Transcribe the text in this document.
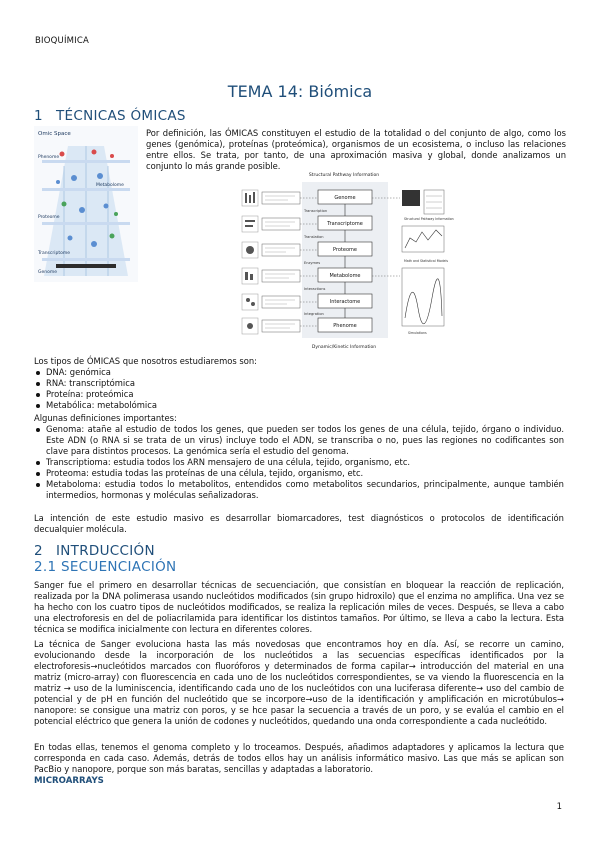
BIOQUÍMICA
TEMA 14: Biómica
1 TÉCNICAS ÓMICAS
Omic Space
Phenome
Metabolome
Proteome
Transcriptome
Genome
Por definición, las ÓMICAS constituyen el estudio de la totalidad o del conjunto de algo, como los genes (genómica), proteínas (proteómica), organismos de un ecosistema, o incluso las relaciones entre ellos. Se trata, por tanto, de una aproximación masiva y global, donde analizamos un conjunto lo más grande posible.
Structural Pathway Information
Genome
Transcriptome
Proteome
Metabolome
Interactome
Phenome
Transcription
Translation
Enzymes
Interactions
Integration
Structural Pathway Information
Math and Statistical Models
Simulations
Dynamic/Kinetic Information
Los tipos de ÓMICAS que nosotros estudiaremos son:
DNA: genómica
RNA: transcriptómica
Proteína: proteómica
Metabólica: metabolómica
Algunas definiciones importantes:
Genoma: atañe al estudio de todos los genes, que pueden ser todos los genes de una célula, tejido, órgano o individuo. Este ADN (o RNA si se trata de un virus) incluye todo el ADN, se transcriba o no, pues las regiones no codificantes son clave para distintos procesos. La genómica sería el estudio del genoma.
Transcriptioma: estudia todos los ARN mensajero de una célula, tejido, organismo, etc.
Proteoma: estudia todas las proteínas de una célula, tejido, organismo, etc.
Metaboloma: estudia todos lo metabolitos, entendidos como metabolitos secundarios, principalmente, aunque también intermedios, hormonas y moléculas señalizadoras.
La intención de este estudio masivo es desarrollar biomarcadores, test diagnósticos o protocolos de identificación decualquier molécula.
2 INTRDUCCIÓN
2.1 SECUENCIACIÓN
Sanger fue el primero en desarrollar técnicas de secuenciación, que consistían en bloquear la reacción de replicación, realizada por la DNA polimerasa usando nucleótidos modificados (sin grupo hidroxilo) que el enzima no amplifica. Una vez se ha hecho con los cuatro tipos de nucleótidos modificados, se realiza la replicación miles de veces. Después, se lleva a cabo una electroforesis en del de poliacrilamida para identificar los distintos tamaños. Por último, se lleva a cabo la lectura. Esta técnica se modifica inicialmente con lectura en diferentes colores.
La técnica de Sanger evoluciona hasta las más novedosas que encontramos hoy en día. Así, se recorre un camino, evolucionando desde la incorporación de los nucleótidos a las secuencias específicas identificados por la electroforesis→nucleótidos marcados con fluoróforos y determinados de forma capilar→ introducción del material en una matriz (micro-array) con fluorescencia en cada uno de los nucleótidos correspondientes, se va viendo la fluorescencia en la matriz → uso de la luminiscencia, identificando cada uno de los nucleótidos con una luciferasa diferente→ uso del cambio de potencial y de pH en función del nucleótido que se incorpore→uso de la identificación y amplificación en microtúbulos→ nanopore: se consigue una matriz con poros, y se hce pasar la secuencia a través de un poro, y se evalúa el cambio en el potencial eléctrico que genera la unión de codones y nucleótidos, quedando una onda correspondiente a cada nucleótido.
En todas ellas, tenemos el genoma completo y lo troceamos. Después, añadimos adaptadores y aplicamos la lectura que corresponda en cada caso. Además, detrás de todos ellos hay un análisis informático masivo. Las que más se aplican son PacBio y nanopore, porque son más baratas, sencillas y adaptadas a laboratorio.
MICROARRAYS
1
